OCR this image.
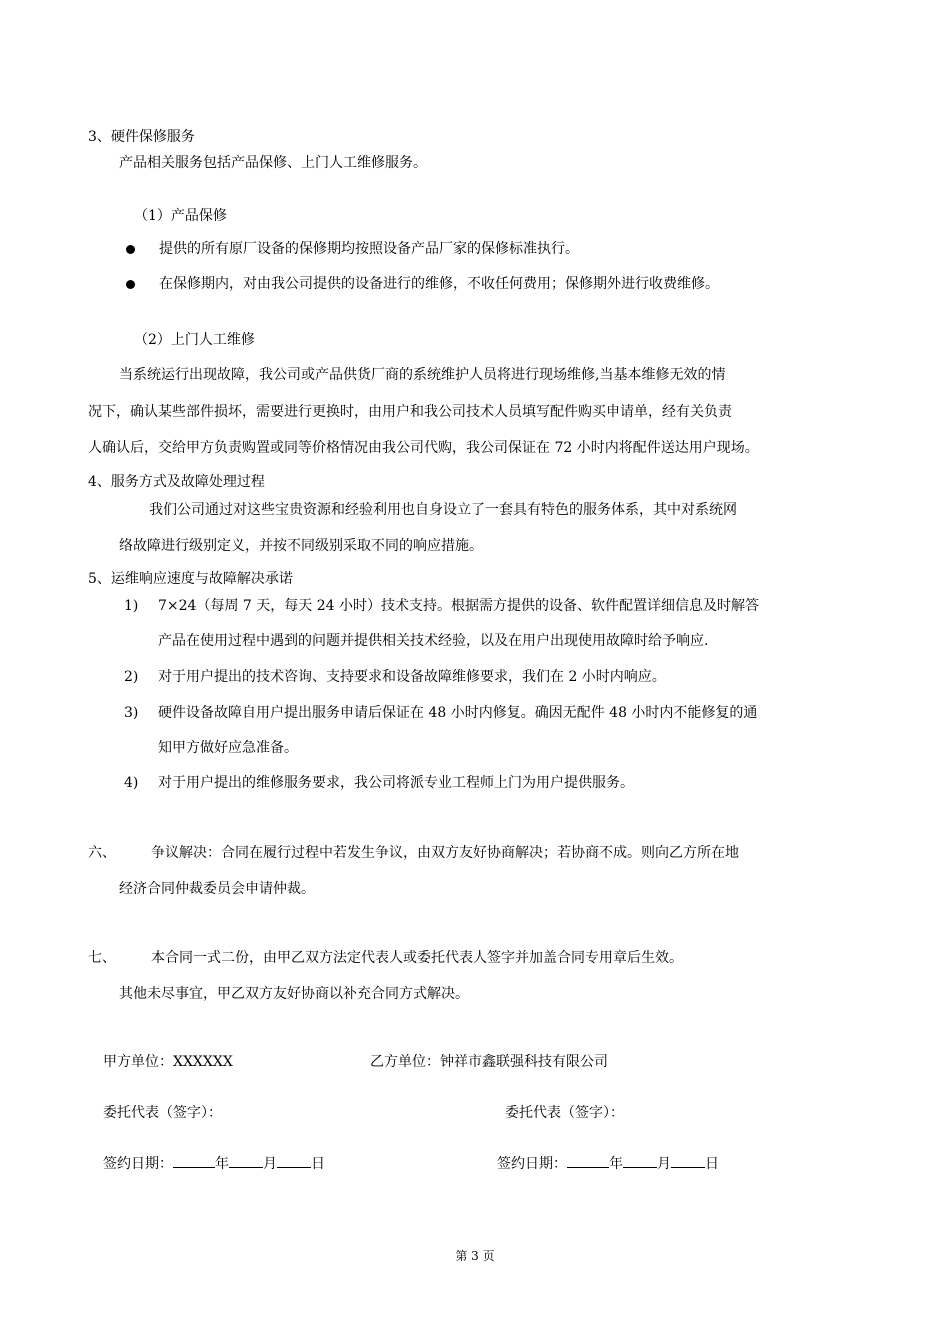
3、硬件保修服务
产品相关服务包括产品保修、上门人工维修服务。
（1）产品保修
提供的所有原厂设备的保修期均按照设备产品厂家的保修标准执行。
在保修期内，对由我公司提供的设备进行的维修，不收任何费用；保修期外进行收费维修。
（2）上门人工维修
当系统运行出现故障，我公司或产品供货厂商的系统维护人员将进行现场维修,当基本维修无效的情
况下，确认某些部件损坏，需要进行更换时，由用户和我公司技术人员填写配件购买申请单，经有关负责
人确认后，交给甲方负责购置或同等价格情况由我公司代购，我公司保证在 72 小时内将配件送达用户现场。
4、服务方式及故障处理过程
我们公司通过对这些宝贵资源和经验利用也自身设立了一套具有特色的服务体系，其中对系统网
络故障进行级别定义，并按不同级别采取不同的响应措施。
5、运维响应速度与故障解决承诺
1) 7×24（每周 7 天，每天 24 小时）技术支持。根据需方提供的设备、软件配置详细信息及时解答
产品在使用过程中遇到的问题并提供相关技术经验，以及在用户出现使用故障时给予响应.
2) 对于用户提出的技术咨询、支持要求和设备故障维修要求，我们在 2 小时内响应。
3) 硬件设备故障自用户提出服务申请后保证在 48 小时内修复。确因无配件 48 小时内不能修复的通
知甲方做好应急准备。
4) 对于用户提出的维修服务要求，我公司将派专业工程师上门为用户提供服务。
六、	争议解决：合同在履行过程中若发生争议，由双方友好协商解决；若协商不成。则向乙方所在地
经济合同仲裁委员会申请仲裁。
七、	本合同一式二份，由甲乙双方法定代表人或委托代表人签字并加盖合同专用章后生效。
其他未尽事宜，甲乙双方友好协商以补充合同方式解决。
甲方单位：XXXXXX	乙方单位：钟祥市鑫联强科技有限公司
委托代表（签字）：	委托代表（签字）：
签约日期：	年 月 日	签约日期：	年 月 日
第 3 页
